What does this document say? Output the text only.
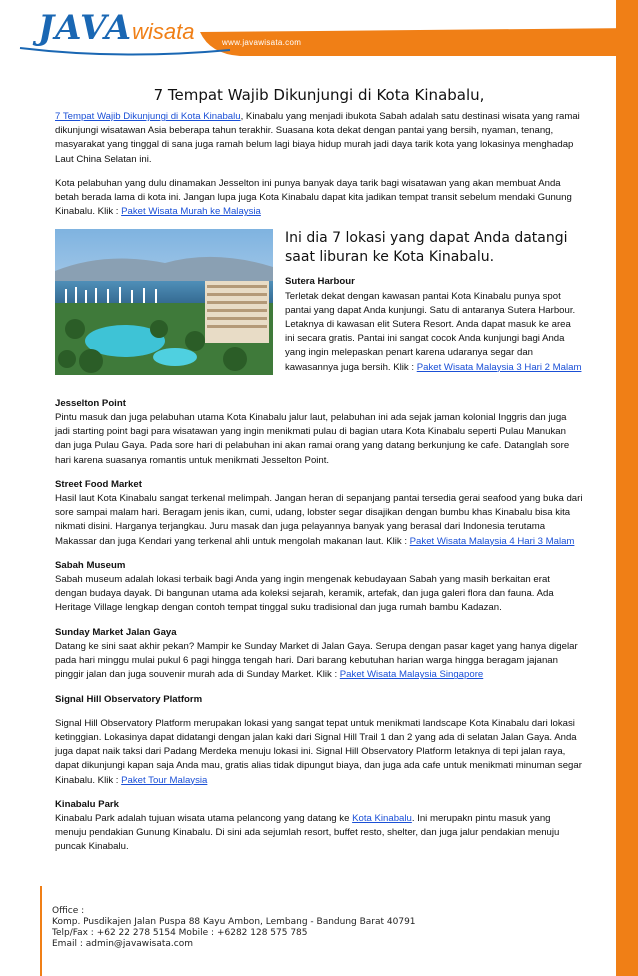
JAVAwisata	www.javawisata.com
7 Tempat Wajib Dikunjungi di Kota Kinabalu,

7 Tempat Wajib Dikunjungi di Kota Kinabalu, Kinabalu yang menjadi ibukota Sabah adalah satu destinasi wisata yang ramai dikunjungi wisatawan Asia beberapa tahun terakhir. Suasana kota dekat dengan pantai yang bersih, nyaman, tenang, masyarakat yang tinggal di sana juga ramah belum lagi biaya hidup murah jadi daya tarik kota yang lokasinya menghadap Laut China Selatan ini.

Kota pelabuhan yang dulu dinamakan Jesselton ini punya banyak daya tarik bagi wisatawan yang akan membuat Anda betah berada lama di kota ini. Jangan lupa juga Kota Kinabalu dapat kita jadikan tempat transit sebelum mendaki Gunung Kinabalu. Klik : Paket Wisata Murah ke Malaysia

Ini dia 7 lokasi yang dapat Anda datangi saat liburan ke Kota Kinabalu.

Sutera Harbour
Terletak dekat dengan kawasan pantai Kota Kinabalu punya spot pantai yang dapat Anda kunjungi. Satu di antaranya Sutera Harbour. Letaknya di kawasan elit Sutera Resort. Anda dapat masuk ke area ini secara gratis. Pantai ini sangat cocok Anda kunjungi bagi Anda yang ingin melepaskan penart karena udaranya segar dan kawasannya juga bersih. Klik : Paket Wisata Malaysia 3 Hari 2 Malam

Jesselton Point
Pintu masuk dan juga pelabuhan utama Kota Kinabalu jalur laut, pelabuhan ini ada sejak jaman kolonial Inggris dan juga jadi starting point bagi para wisatawan yang ingin menikmati pulau di bagian utara Kota Kinabalu seperti Pulau Manukan dan juga Pulau Gaya. Pada sore hari di pelabuhan ini akan ramai orang yang datang berkunjung ke cafe. Datanglah sore hari karena suasanya romantis untuk menikmati Jesselton Point.

Street Food Market
Hasil laut Kota Kinabalu sangat terkenal melimpah. Jangan heran di sepanjang pantai tersedia gerai seafood yang buka dari sore sampai malam hari. Beragam jenis ikan, cumi, udang, lobster segar disajikan dengan bumbu khas Kinabalu bisa kita nikmati disini. Harganya terjangkau. Juru masak dan juga pelayannya banyak yang berasal dari Indonesia terutama Makassar dan juga Kendari yang terkenal ahli untuk mengolah makanan laut. Klik : Paket Wisata Malaysia 4 Hari 3 Malam

Sabah Museum
Sabah museum adalah lokasi terbaik bagi Anda yang ingin mengenak kebudayaan Sabah yang masih berkaitan erat dengan budaya dayak. Di bangunan utama ada koleksi sejarah, keramik, artefak, dan juga galeri flora dan fauna. Ada Heritage Village lengkap dengan contoh tempat tinggal suku tradisional dan juga rumah bambu Kadazan.

Sunday Market Jalan Gaya
Datang ke sini saat akhir pekan? Mampir ke Sunday Market di Jalan Gaya. Serupa dengan pasar kaget yang hanya digelar pada hari minggu mulai pukul 6 pagi hingga tengah hari. Dari barang kebutuhan harian warga hingga beragam jajanan pinggir jalan dan juga souvenir murah ada di Sunday Market. Klik : Paket Wisata Malaysia Singapore

Signal Hill Observatory Platform

Signal Hill Observatory Platform merupakan lokasi yang sangat tepat untuk menikmati landscape Kota Kinabalu dari lokasi ketinggian. Lokasinya dapat didatangi dengan jalan kaki dari Signal Hill Trail 1 dan 2 yang ada di selatan Jalan Gaya. Anda juga dapat naik taksi dari Padang Merdeka menuju lokasi ini. Signal Hill Observatory Platform letaknya di tepi jalan raya, dapat dikunjungi kapan saja Anda mau, gratis alias tidak dipungut biaya, dan juga ada cafe untuk menikmati minuman segar Kinabalu. Klik : Paket Tour Malaysia

Kinabalu Park
Kinabalu Park adalah tujuan wisata utama pelancong yang datang ke Kota Kinabalu. Ini merupakn pintu masuk yang menuju pendakian Gunung Kinabalu. Di sini ada sejumlah resort, buffet resto, shelter, dan juga jalur pendakian menuju puncak Kinabalu.

Office :
Komp. Pusdikajen Jalan Puspa 88 Kayu Ambon, Lembang - Bandung Barat 40791
Telp/Fax : +62 22 278 5154 Mobile : +6282 128 575 785
Email : admin@javawisata.com
